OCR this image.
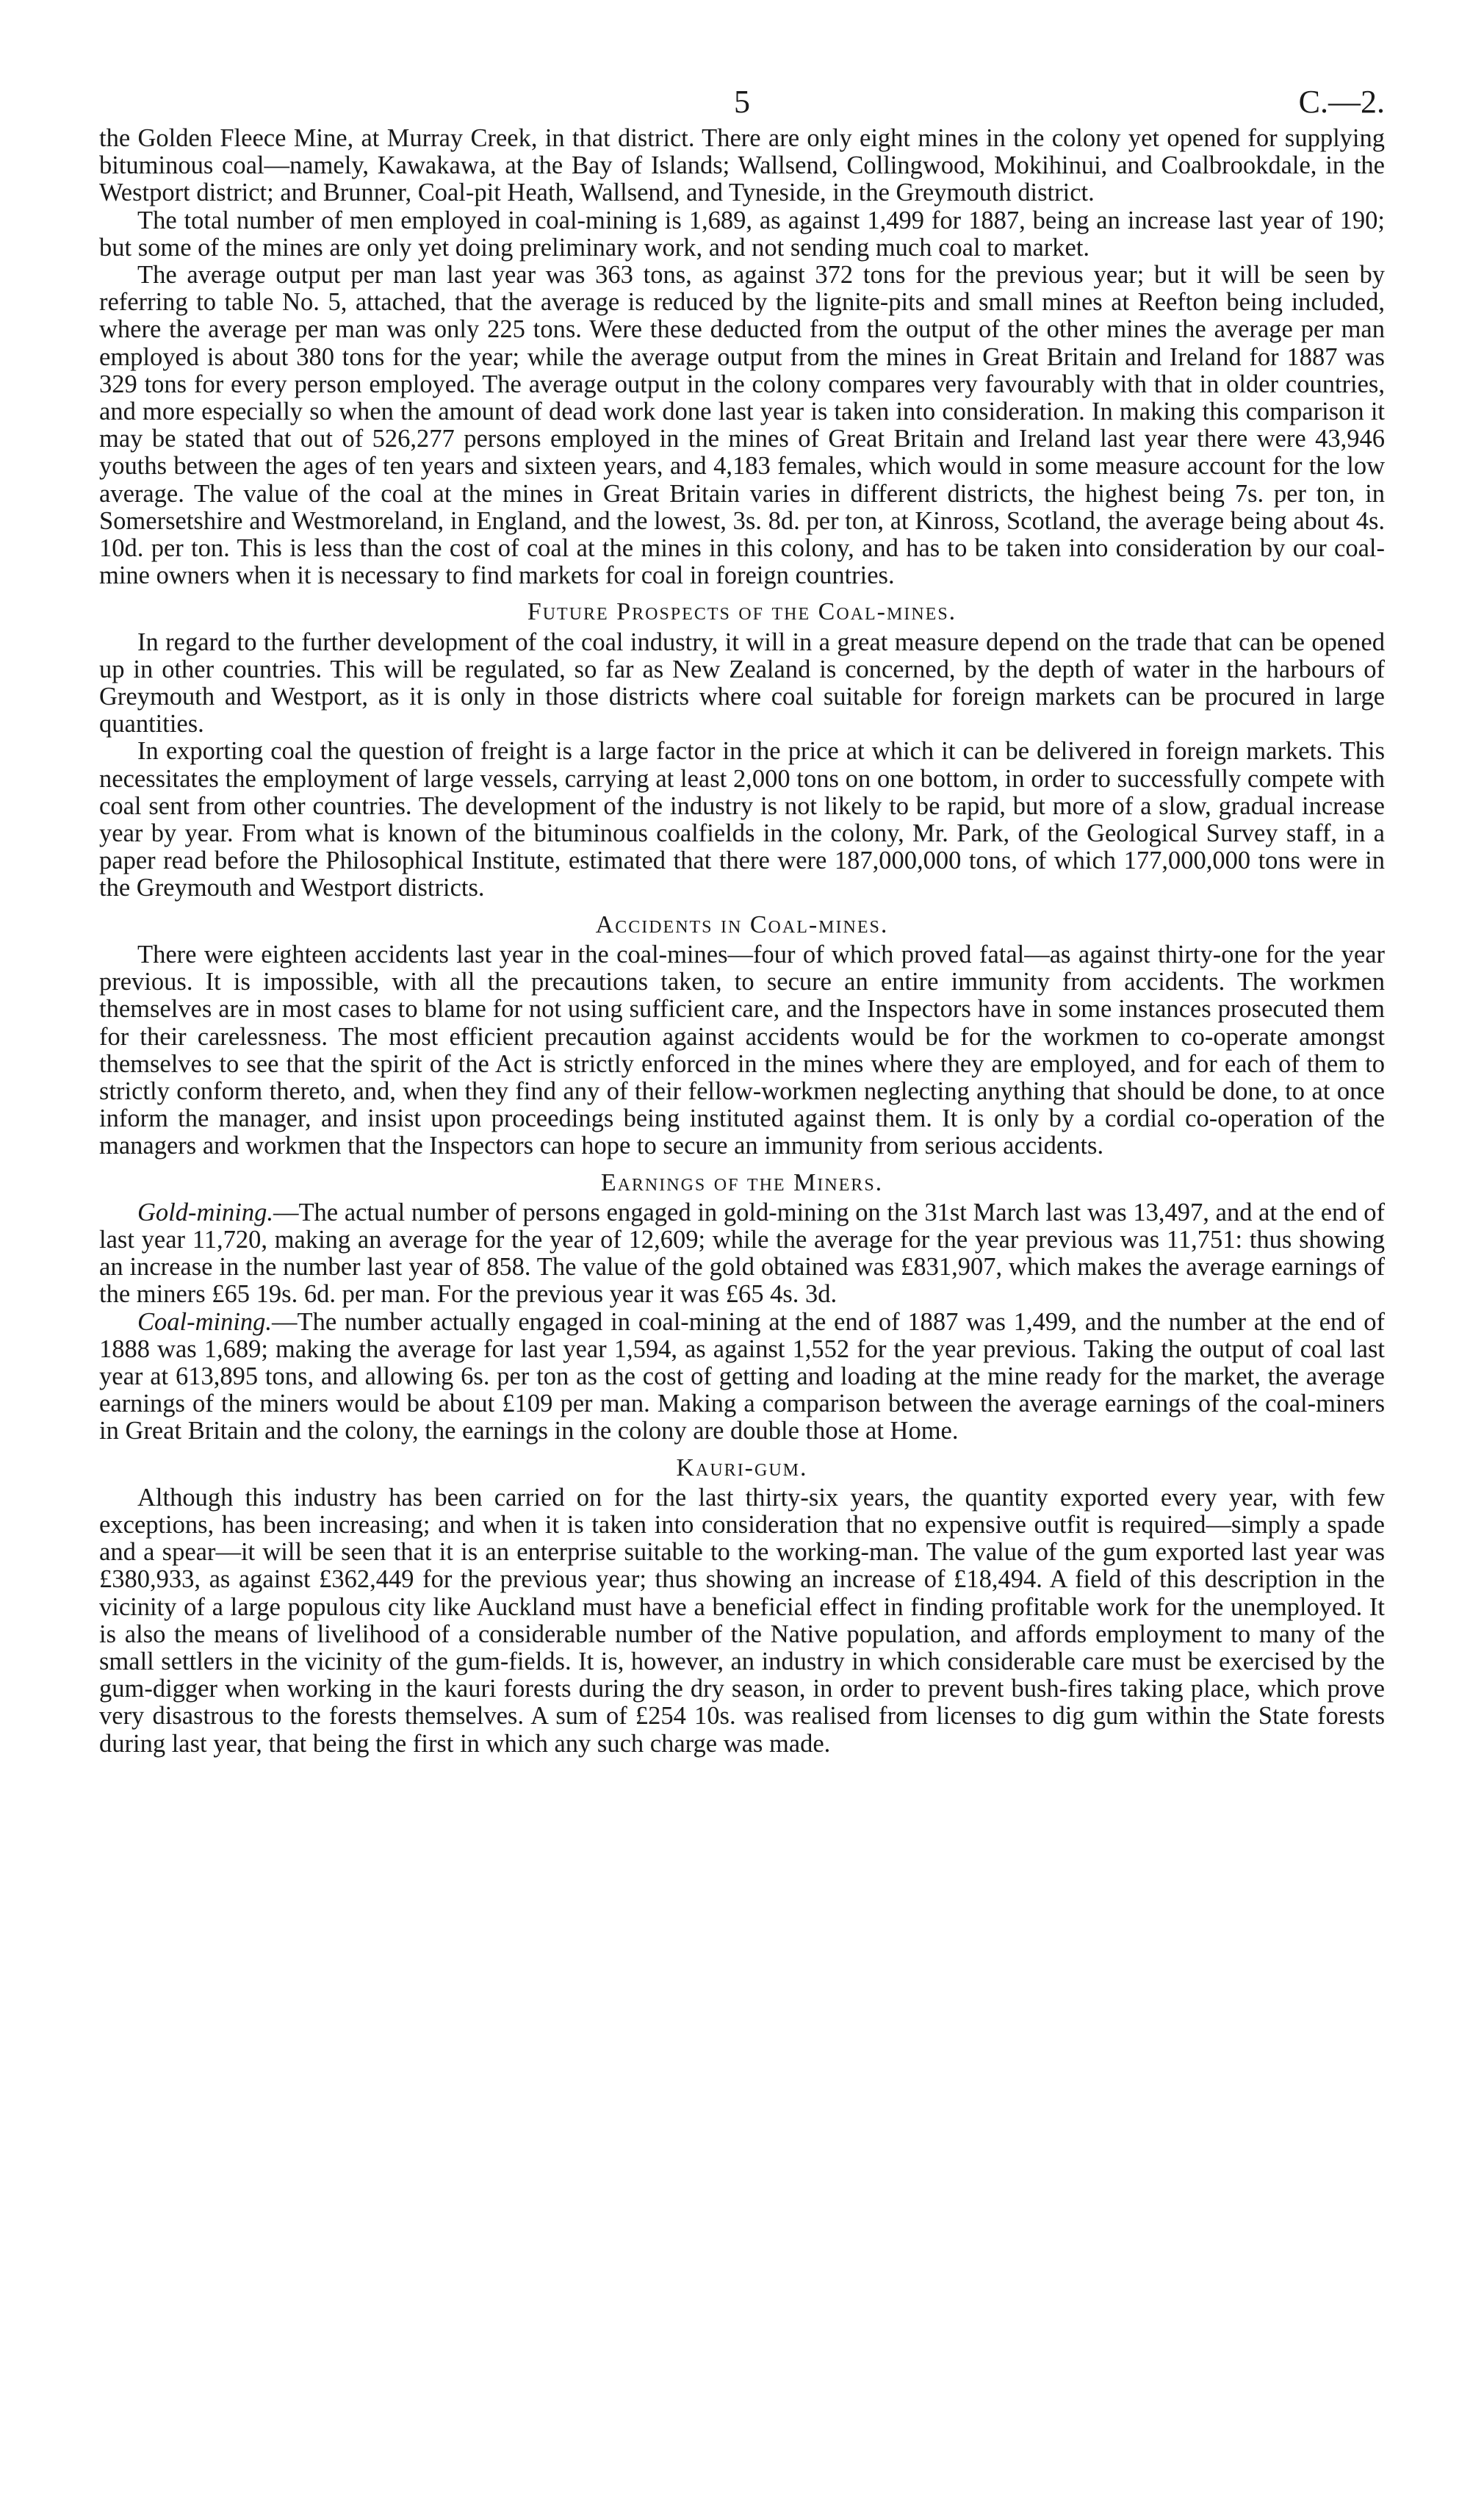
5	C.—2.

the Golden Fleece Mine, at Murray Creek, in that district. There are only eight mines in the colony yet opened for supplying bituminous coal—namely, Kawakawa, at the Bay of Islands; Wallsend, Collingwood, Mokihinui, and Coalbrookdale, in the Westport district; and Brunner, Coal-pit Heath, Wallsend, and Tyneside, in the Greymouth district.

The total number of men employed in coal-mining is 1,689, as against 1,499 for 1887, being an increase last year of 190; but some of the mines are only yet doing preliminary work, and not sending much coal to market.

The average output per man last year was 363 tons, as against 372 tons for the previous year; but it will be seen by referring to table No. 5, attached, that the average is reduced by the lignite-pits and small mines at Reefton being included, where the average per man was only 225 tons. Were these deducted from the output of the other mines the average per man employed is about 380 tons for the year; while the average output from the mines in Great Britain and Ireland for 1887 was 329 tons for every person employed. The average output in the colony compares very favourably with that in older countries, and more especially so when the amount of dead work done last year is taken into consideration. In making this comparison it may be stated that out of 526,277 persons employed in the mines of Great Britain and Ireland last year there were 43,946 youths between the ages of ten years and sixteen years, and 4,183 females, which would in some measure account for the low average. The value of the coal at the mines in Great Britain varies in different districts, the highest being 7s. per ton, in Somersetshire and Westmoreland, in England, and the lowest, 3s. 8d. per ton, at Kinross, Scotland, the average being about 4s. 10d. per ton. This is less than the cost of coal at the mines in this colony, and has to be taken into consideration by our coal-mine owners when it is necessary to find markets for coal in foreign countries.

Future Prospects of the Coal-mines.

In regard to the further development of the coal industry, it will in a great measure depend on the trade that can be opened up in other countries. This will be regulated, so far as New Zealand is concerned, by the depth of water in the harbours of Greymouth and Westport, as it is only in those districts where coal suitable for foreign markets can be procured in large quantities.

In exporting coal the question of freight is a large factor in the price at which it can be delivered in foreign markets. This necessitates the employment of large vessels, carrying at least 2,000 tons on one bottom, in order to successfully compete with coal sent from other countries. The development of the industry is not likely to be rapid, but more of a slow, gradual increase year by year. From what is known of the bituminous coalfields in the colony, Mr. Park, of the Geological Survey staff, in a paper read before the Philosophical Institute, estimated that there were 187,000,000 tons, of which 177,000,000 tons were in the Greymouth and Westport districts.

Accidents in Coal-mines.

There were eighteen accidents last year in the coal-mines—four of which proved fatal—as against thirty-one for the year previous. It is impossible, with all the precautions taken, to secure an entire immunity from accidents. The workmen themselves are in most cases to blame for not using sufficient care, and the Inspectors have in some instances prosecuted them for their carelessness. The most efficient precaution against accidents would be for the workmen to co-operate amongst themselves to see that the spirit of the Act is strictly enforced in the mines where they are employed, and for each of them to strictly conform thereto, and, when they find any of their fellow-workmen neglecting anything that should be done, to at once inform the manager, and insist upon proceedings being instituted against them. It is only by a cordial co-operation of the managers and workmen that the Inspectors can hope to secure an immunity from serious accidents.

Earnings of the Miners.

Gold-mining.—The actual number of persons engaged in gold-mining on the 31st March last was 13,497, and at the end of last year 11,720, making an average for the year of 12,609; while the average for the year previous was 11,751: thus showing an increase in the number last year of 858. The value of the gold obtained was £831,907, which makes the average earnings of the miners £65 19s. 6d. per man. For the previous year it was £65 4s. 3d.

Coal-mining.—The number actually engaged in coal-mining at the end of 1887 was 1,499, and the number at the end of 1888 was 1,689; making the average for last year 1,594, as against 1,552 for the year previous. Taking the output of coal last year at 613,895 tons, and allowing 6s. per ton as the cost of getting and loading at the mine ready for the market, the average earnings of the miners would be about £109 per man. Making a comparison between the average earnings of the coal-miners in Great Britain and the colony, the earnings in the colony are double those at Home.

Kauri-gum.

Although this industry has been carried on for the last thirty-six years, the quantity exported every year, with few exceptions, has been increasing; and when it is taken into consideration that no expensive outfit is required—simply a spade and a spear—it will be seen that it is an enterprise suitable to the working-man. The value of the gum exported last year was £380,933, as against £362,449 for the previous year; thus showing an increase of £18,494. A field of this description in the vicinity of a large populous city like Auckland must have a beneficial effect in finding profitable work for the unemployed. It is also the means of livelihood of a considerable number of the Native population, and affords employment to many of the small settlers in the vicinity of the gum-fields. It is, however, an industry in which considerable care must be exercised by the gum-digger when working in the kauri forests during the dry season, in order to prevent bush-fires taking place, which prove very disastrous to the forests themselves. A sum of £254 10s. was realised from licenses to dig gum within the State forests during last year, that being the first in which any such charge was made.
